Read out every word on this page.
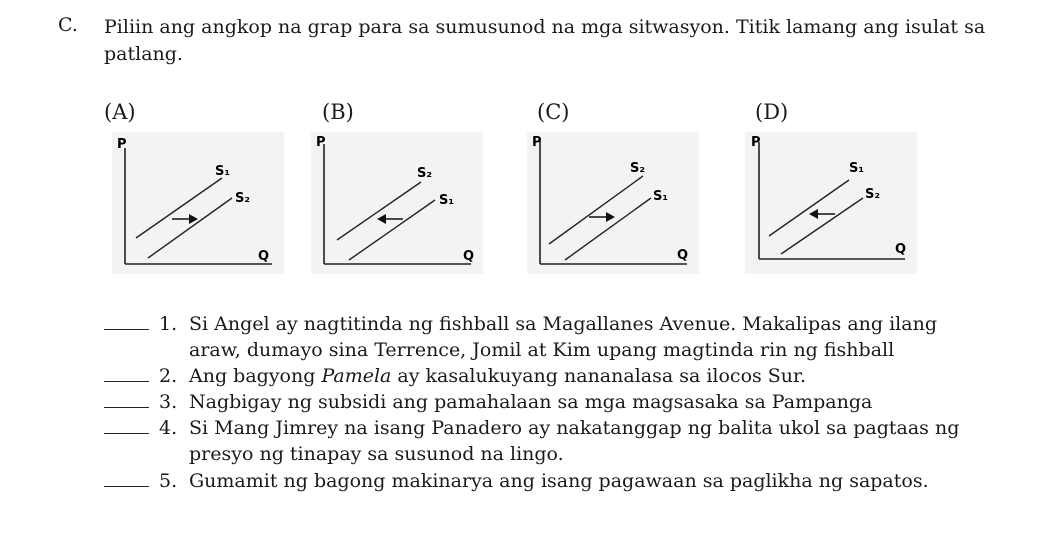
C. Piliin ang angkop na grap para sa sumusunod na mga sitwasyon. Titik lamang ang isulat sa
patlang.
(A)	(B)	(C)	(D)
P
Q
S₁
S₂
P
Q
S₂
S₁
P
Q
S₂
S₁
P
Q
S₁
S₂
1. Si Angel ay nagtitinda ng fishball sa Magallanes Avenue. Makalipas ang ilang
araw, dumayo sina Terrence, Jomil at Kim upang magtinda rin ng fishball
2. Ang bagyong Pamela ay kasalukuyang nananalasa sa ilocos Sur.
3. Nagbigay ng subsidi ang pamahalaan sa mga magsasaka sa Pampanga
4. Si Mang Jimrey na isang Panadero ay nakatanggap ng balita ukol sa pagtaas ng
presyo ng tinapay sa susunod na lingo.
5. Gumamit ng bagong makinarya ang isang pagawaan sa paglikha ng sapatos.
